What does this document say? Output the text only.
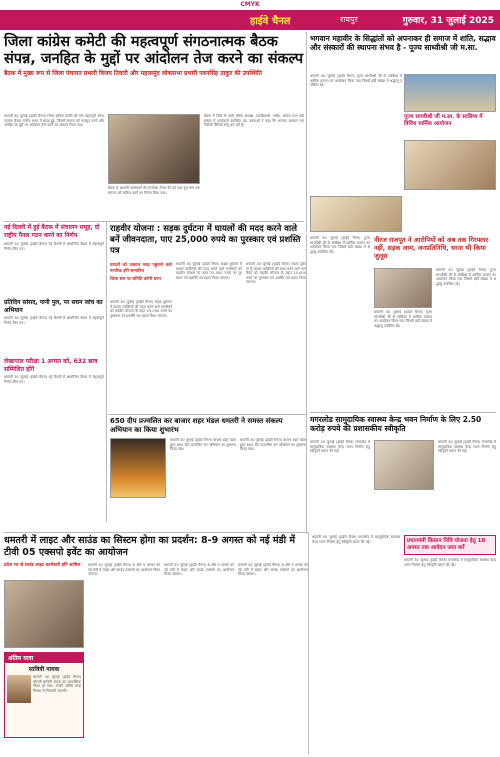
CMYK
हाईवे चैनल	रायपुर	गुरुवार, 31 जुलाई 2025
जिला कांग्रेस कमेटी की महत्वपूर्ण संगठनात्मक बैठक संपन्न, जनहित के मुद्दों पर आंदोलन तेज करने का संकल्प
बैठक में मुख्य रूप से जिला पंचायत प्रभारी विजय तिवारी और महासमुंद लोकसभा प्रभारी पवनसिंह ठाकुर की उपस्थिति
धमतरी 30 जुलाई (हाईवे चैनल) जिला कांग्रेस कमेटी की एक महत्वपूर्ण संगठनात्मक बैठक राजीव भवन में संपन्न हुई, जिसमें संगठन को मजबूत करने और जनहित के मुद्दों पर आंदोलन तेज करने का संकल्प लिया गया।
बैठक में आगामी कार्यक्रमों की रूपरेखा तैयार की गई तथा बूथ स्तर तक संगठन को सक्रिय करने का निर्णय लिया गया।
बैठक में जिले के सभी ब्लॉक अध्यक्ष, पदाधिकारी, पार्षद, सरपंच तथा बड़ी संख्या में कार्यकर्ता उपस्थित रहे। वक्ताओं ने कहा कि भाजपा सरकार जनविरोधी नीतियाँ लागू कर रही है।
भगवान महावीर के सिद्धांतों को अपनाकर ही समाज में शांति, सद्भाव और संस्कारों की स्थापना संभव है - पूज्य साध्वीश्री जी म.सा.
धमतरी 30 जुलाई (हाईवे चैनल) पूज्य साध्वीश्री जी के सान्निध्य में धार्मिक प्रवचन का आयोजन किया गया जिसमें बड़ी संख्या में श्रद्धालु उपस्थित रहे।
पूज्य साध्वीश्री जी म.सा. के सान्निध्य में विविध धार्मिक आयोजन
नई दिल्ली में हुई बैठक में संचालन समूह, दो राष्ट्रीय पैनल गठन करने का निर्णय
धमतरी 30 जुलाई (हाईवे चैनल) नई दिल्ली में आयोजित बैठक में महत्वपूर्ण निर्णय लिए गए।
प्रतिदिन सांसद, पानी पुल, पर सघन जांच का अभियान
धमतरी 30 जुलाई (हाईवे चैनल) नई दिल्ली में आयोजित बैठक में महत्वपूर्ण निर्णय लिए गए।
लेखापाल परीक्षा 1 अगस्त को, 632 छात्र सम्मिलित होंगे
धमतरी 30 जुलाई (हाईवे चैनल) नई दिल्ली में आयोजित बैठक में महत्वपूर्ण निर्णय लिए गए।
राहवीर योजना : सड़क दुर्घटना में घायलों की मदद करने वाले बनें जीवनदाता, पाए 25,000 रुपये का पुरस्कार एवं प्रशस्ति पत्र
घायलों को तत्काल मदद पहुंचाने वाले नागरिक होंगे सम्मानित
जिला स्तर पर समिति करेगी चयन
धमतरी 30 जुलाई (हाईवे चैनल) सड़क दुर्घटना में घायल व्यक्तियों की मदद करने वाले नागरिकों को राहवीर योजना के तहत 25,000 रुपये का पुरस्कार एवं प्रशस्ति पत्र प्रदान किया जाएगा।
धमतरी 30 जुलाई (हाईवे चैनल) सड़क दुर्घटना में घायल व्यक्तियों की मदद करने वाले नागरिकों को राहवीर योजना के तहत 25,000 रुपये का पुरस्कार एवं प्रशस्ति पत्र प्रदान किया जाएगा।
धमतरी 30 जुलाई (हाईवे चैनल) सड़क दुर्घटना में घायल व्यक्तियों की मदद करने वाले नागरिकों को राहवीर योजना के तहत 25,000 रुपये का पुरस्कार एवं प्रशस्ति पत्र प्रदान किया जाएगा।
धमतरी 30 जुलाई (हाईवे चैनल) पूज्य साध्वीश्री जी के सान्निध्य में धार्मिक प्रवचन का आयोजन किया गया जिसमें बड़ी संख्या में श्रद्धालु उपस्थित रहे।
नीरज राजपूत ने आरोपियों को अब तक गिरफ्तार नहीं, सड़क जाम, जनप्रतिनिधि, धरना भी किया जुलूस
धमतरी 30 जुलाई (हाईवे चैनल) पूज्य साध्वीश्री जी के सान्निध्य में धार्मिक प्रवचन का आयोजन किया गया जिसमें बड़ी संख्या में श्रद्धालु उपस्थित रहे।
धमतरी 30 जुलाई (हाईवे चैनल) पूज्य साध्वीश्री जी के सान्निध्य में धार्मिक प्रवचन का आयोजन किया गया जिसमें बड़ी संख्या में श्रद्धालु उपस्थित रहे।
650 दीप प्रज्वलित कर बाजार शहर मंडल धमतरी ने समस्त संकल्प अभियान का किया शुभारंभ
धमतरी 30 जुलाई (हाईवे चैनल) बाजार शहर मंडल द्वारा 650 दीप प्रज्वलित कर अभियान का शुभारंभ किया गया।
धमतरी 30 जुलाई (हाईवे चैनल) बाजार शहर मंडल द्वारा 650 दीप प्रज्वलित कर अभियान का शुभारंभ किया गया।
मगरलोड सामुदायिक स्वास्थ्य केन्द्र भवन निर्माण के लिए 2.50 करोड़ रुपये की प्रशासकीय स्वीकृति
धमतरी 30 जुलाई (हाईवे चैनल) मगरलोड में सामुदायिक स्वास्थ्य केन्द्र भवन निर्माण हेतु स्वीकृति प्रदान की गई।
धमतरी 30 जुलाई (हाईवे चैनल) मगरलोड में सामुदायिक स्वास्थ्य केन्द्र भवन निर्माण हेतु स्वीकृति प्रदान की गई।
धमतरी में लाइट और साउंड का सिस्टम होगा का प्रदर्शन: 8-9 अगस्त को नई मंडी में टीवी 05 एक्सपो इवेंट का आयोजन
प्रदेश भर से साउंड लाइट कारोबारी होंगे शामिल	धमतरी 30 जुलाई (हाईवे चैनल) 8 और 9 अगस्त को नई मंडी में लाइट और साउंड एक्सपो का आयोजन किया जाएगा।
धमतरी 30 जुलाई (हाईवे चैनल) 8 और 9 अगस्त को नई मंडी में लाइट और साउंड एक्सपो का आयोजन किया जाएगा।
धमतरी 30 जुलाई (हाईवे चैनल) 8 और 9 अगस्त को नई मंडी में लाइट और साउंड एक्सपो का आयोजन किया जाएगा।
अंतिम यात्रा
सावित्री नायक
धमतरी 30 जुलाई (हाईवे चैनल) श्रीमती सावित्री नायक का आकस्मिक निधन हो गया। उनकी अंतिम यात्रा निवास से निकाली जाएगी।
धमतरी 30 जुलाई (हाईवे चैनल) मगरलोड में सामुदायिक स्वास्थ्य केन्द्र भवन निर्माण हेतु स्वीकृति प्रदान की गई।	प्रधानमंत्री किसान निधि योजना हेतु 18 अगस्त तक आवेदन जमा करें
धमतरी 30 जुलाई (हाईवे चैनल) मगरलोड में सामुदायिक स्वास्थ्य केन्द्र भवन निर्माण हेतु स्वीकृति प्रदान की गई।
